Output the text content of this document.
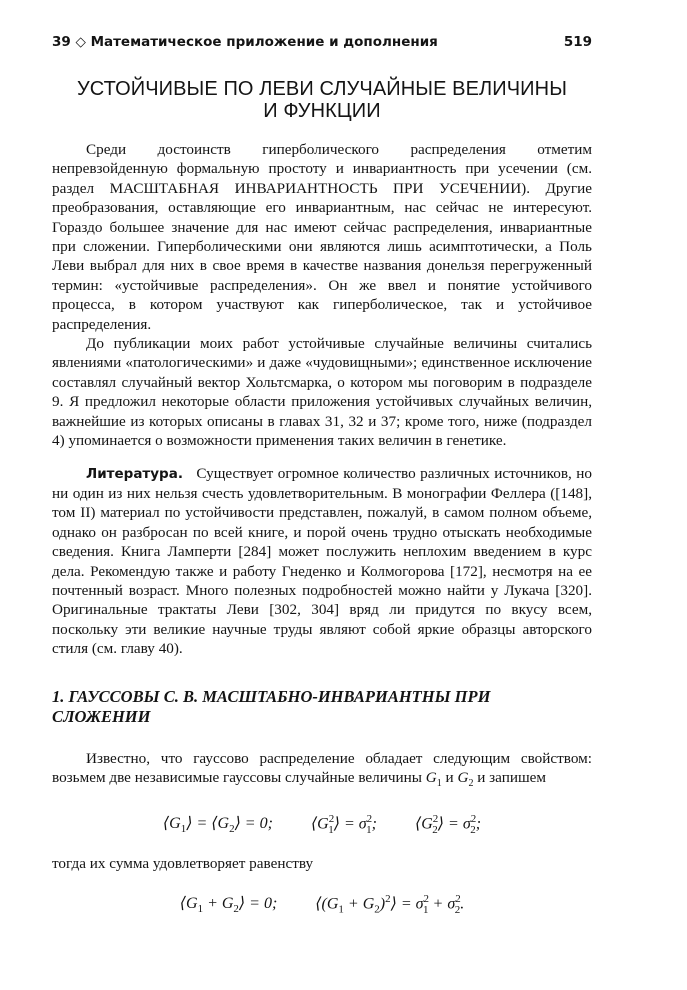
39 ◇ Математическое приложение и дополнения	519
УСТОЙЧИВЫЕ ПО ЛЕВИ СЛУЧАЙНЫЕ ВЕЛИЧИНЫ
И ФУНКЦИИ

Среди достоинств гиперболического распределения отметим непревзойденную формальную простоту и инвариантность при усечении (см. раздел МАСШТАБНАЯ ИНВАРИАНТНОСТЬ ПРИ УСЕЧЕНИИ). Другие преобразования, оставляющие его инвариантным, нас сейчас не интересуют. Гораздо большее значение для нас имеют сейчас распределения, инвариантные при сложении. Гиперболическими они являются лишь асимптотически, а Поль Леви выбрал для них в свое время в качестве названия донельзя перегруженный термин: «устойчивые распределения». Он же ввел и понятие устойчивого процесса, в котором участвуют как гиперболическое, так и устойчивое распределения.

До публикации моих работ устойчивые случайные величины считались явлениями «патологическими» и даже «чудовищными»; единственное исключение составлял случайный вектор Хольтсмарка, о котором мы поговорим в подразделе 9. Я предложил некоторые области приложения устойчивых случайных величин, важнейшие из которых описаны в главах 31, 32 и 37; кроме того, ниже (подраздел 4) упоминается о возможности применения таких величин в генетике.

Литература. Существует огромное количество различных источников, но ни один из них нельзя счесть удовлетворительным. В монографии Феллера ([148], том II) материал по устойчивости представлен, пожалуй, в самом полном объеме, однако он разбросан по всей книге, и порой очень трудно отыскать необходимые сведения. Книга Ламперти [284] может послужить неплохим введением в курс дела. Рекомендую также и работу Гнеденко и Колмогорова [172], несмотря на ее почтенный возраст. Много полезных подробностей можно найти у Лукача [320]. Оригинальные трактаты Леви [302, 304] вряд ли придутся по вкусу всем, поскольку эти великие научные труды являют собой яркие образцы авторского стиля (см. главу 40).

1. ГАУССОВЫ С. В. МАСШТАБНО-ИНВАРИАНТНЫ ПРИ СЛОЖЕНИИ

Известно, что гауссово распределение обладает следующим свойством: возьмем две независимые гауссовы случайные величины $G_1$ и $G_2$ и запишем

$⟨G_1⟩$ = $⟨G_2⟩ = 0$; $⟨G^2_1⟩ = \sigma^2_1$; $⟨G^2_2⟩ = \sigma^2_2$;

тогда их сумма удовлетворяет равенству

$⟨G_1$ + $G_2⟩ = 0$; $⟨(G_1$ + $G_2)^2⟩ = \sigma^2_1 + \sigma^2_2$.
